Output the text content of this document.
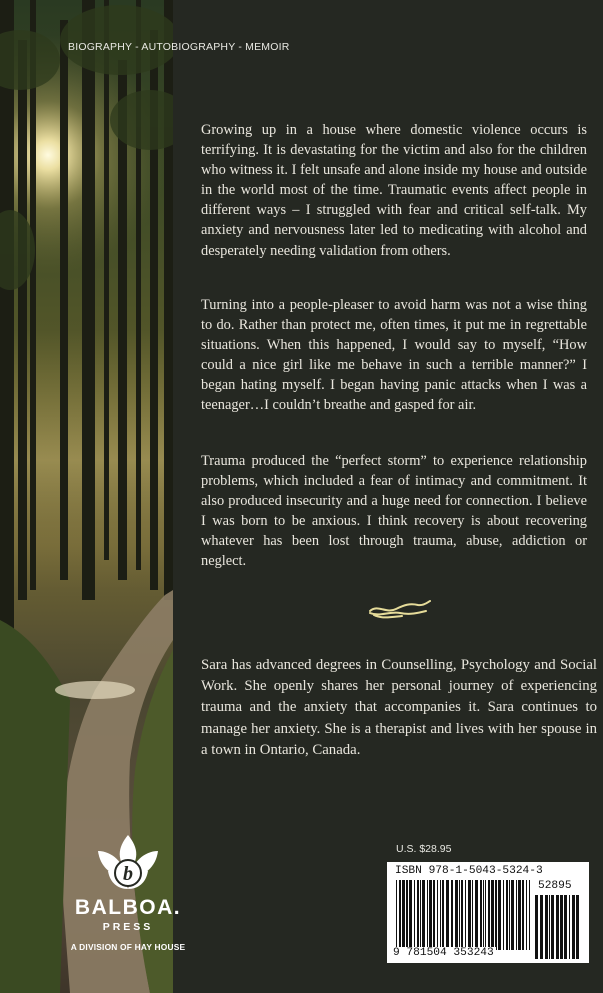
BIOGRAPHY - AUTOBIOGRAPHY - MEMOIR

Growing up in a house where domestic violence occurs is terrifying. It is devastating for the victim and also for the children who witness it. I felt unsafe and alone inside my house and outside in the world most of the time. Traumatic events affect people in different ways – I struggled with fear and critical self-talk. My anxiety and nervousness later led to medicating with alcohol and desperately needing validation from others.

Turning into a people-pleaser to avoid harm was not a wise thing to do. Rather than protect me, often times, it put me in regrettable situations. When this happened, I would say to myself, “How could a nice girl like me behave in such a terrible manner?” I began hating myself. I began having panic attacks when I was a teenager…I couldn’t breathe and gasped for air.

Trauma produced the “perfect storm” to experience relationship problems, which included a fear of intimacy and commitment. It also produced insecurity and a huge need for connection. I believe I was born to be anxious. I think recovery is about recovering whatever has been lost through trauma, abuse, addiction or neglect.

Sara has advanced degrees in Counselling, Psychology and Social Work. She openly shares her personal journey of experiencing trauma and the anxiety that accompanies it. Sara continues to manage her anxiety. She is a therapist and lives with her spouse in a town in Ontario, Canada.

U.S. $28.95

ISBN 978-1-5043-5324-3

52895

9 781504 353243

b

BALBOA.

PRESS

A DIVISION OF HAY HOUSE
